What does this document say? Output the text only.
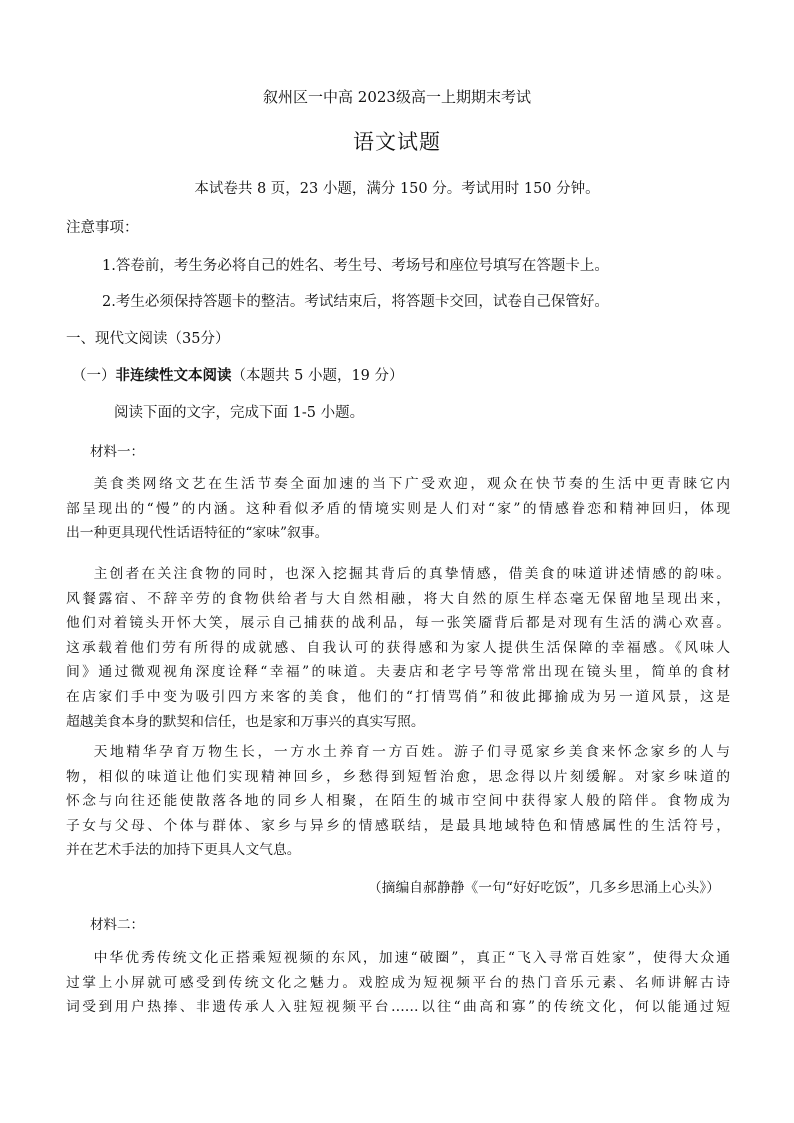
叙州区一中高 2023级高一上期期末考试
语文试题
本试卷共 8 页，23 小题，满分 150 分。考试用时 150 分钟。
注意事项：
1.答卷前，考生务必将自己的姓名、考生号、考场号和座位号填写在答题卡上。
2.考生必须保持答题卡的整洁。考试结束后，将答题卡交回，试卷自己保管好。
一、现代文阅读（35分）
（一）非连续性文本阅读（本题共 5 小题，19 分）
阅读下面的文字，完成下面 1-5 小题。
材料一：
美食类网络文艺在生活节奏全面加速的当下广受欢迎，观众在快节奏的生活中更青睐它内
部呈现出的“慢”的内涵。这种看似矛盾的情境实则是人们对“家”的情感眷恋和精神回归，体现
出一种更具现代性话语特征的“家味”叙事。
主创者在关注食物的同时，也深入挖掘其背后的真挚情感，借美食的味道讲述情感的韵味。
风餐露宿、不辞辛劳的食物供给者与大自然相融，将大自然的原生样态毫无保留地呈现出来，
他们对着镜头开怀大笑，展示自己捕获的战利品，每一张笑靥背后都是对现有生活的满心欢喜。
这承载着他们劳有所得的成就感、自我认可的获得感和为家人提供生活保障的幸福感。《风味人
间》通过微观视角深度诠释“幸福”的味道。夫妻店和老字号等常常出现在镜头里，简单的食材
在店家们手中变为吸引四方来客的美食，他们的“打情骂俏”和彼此揶揄成为另一道风景，这是
超越美食本身的默契和信任，也是家和万事兴的真实写照。
天地精华孕育万物生长，一方水土养育一方百姓。游子们寻觅家乡美食来怀念家乡的人与
物，相似的味道让他们实现精神回乡，乡愁得到短暂治愈，思念得以片刻缓解。对家乡味道的
怀念与向往还能使散落各地的同乡人相聚，在陌生的城市空间中获得家人般的陪伴。食物成为
子女与父母、个体与群体、家乡与异乡的情感联结，是最具地域特色和情感属性的生活符号，
并在艺术手法的加持下更具人文气息。
（摘编自郝静静《一句“好好吃饭”，几多乡思涌上心头》）
材料二：
中华优秀传统文化正搭乘短视频的东风，加速“破圈”，真正“飞入寻常百姓家”，使得大众通
过掌上小屏就可感受到传统文化之魅力。戏腔成为短视频平台的热门音乐元素、名师讲解古诗
词受到用户热捧、非遗传承人入驻短视频平台……以往“曲高和寡”的传统文化，何以能通过短
